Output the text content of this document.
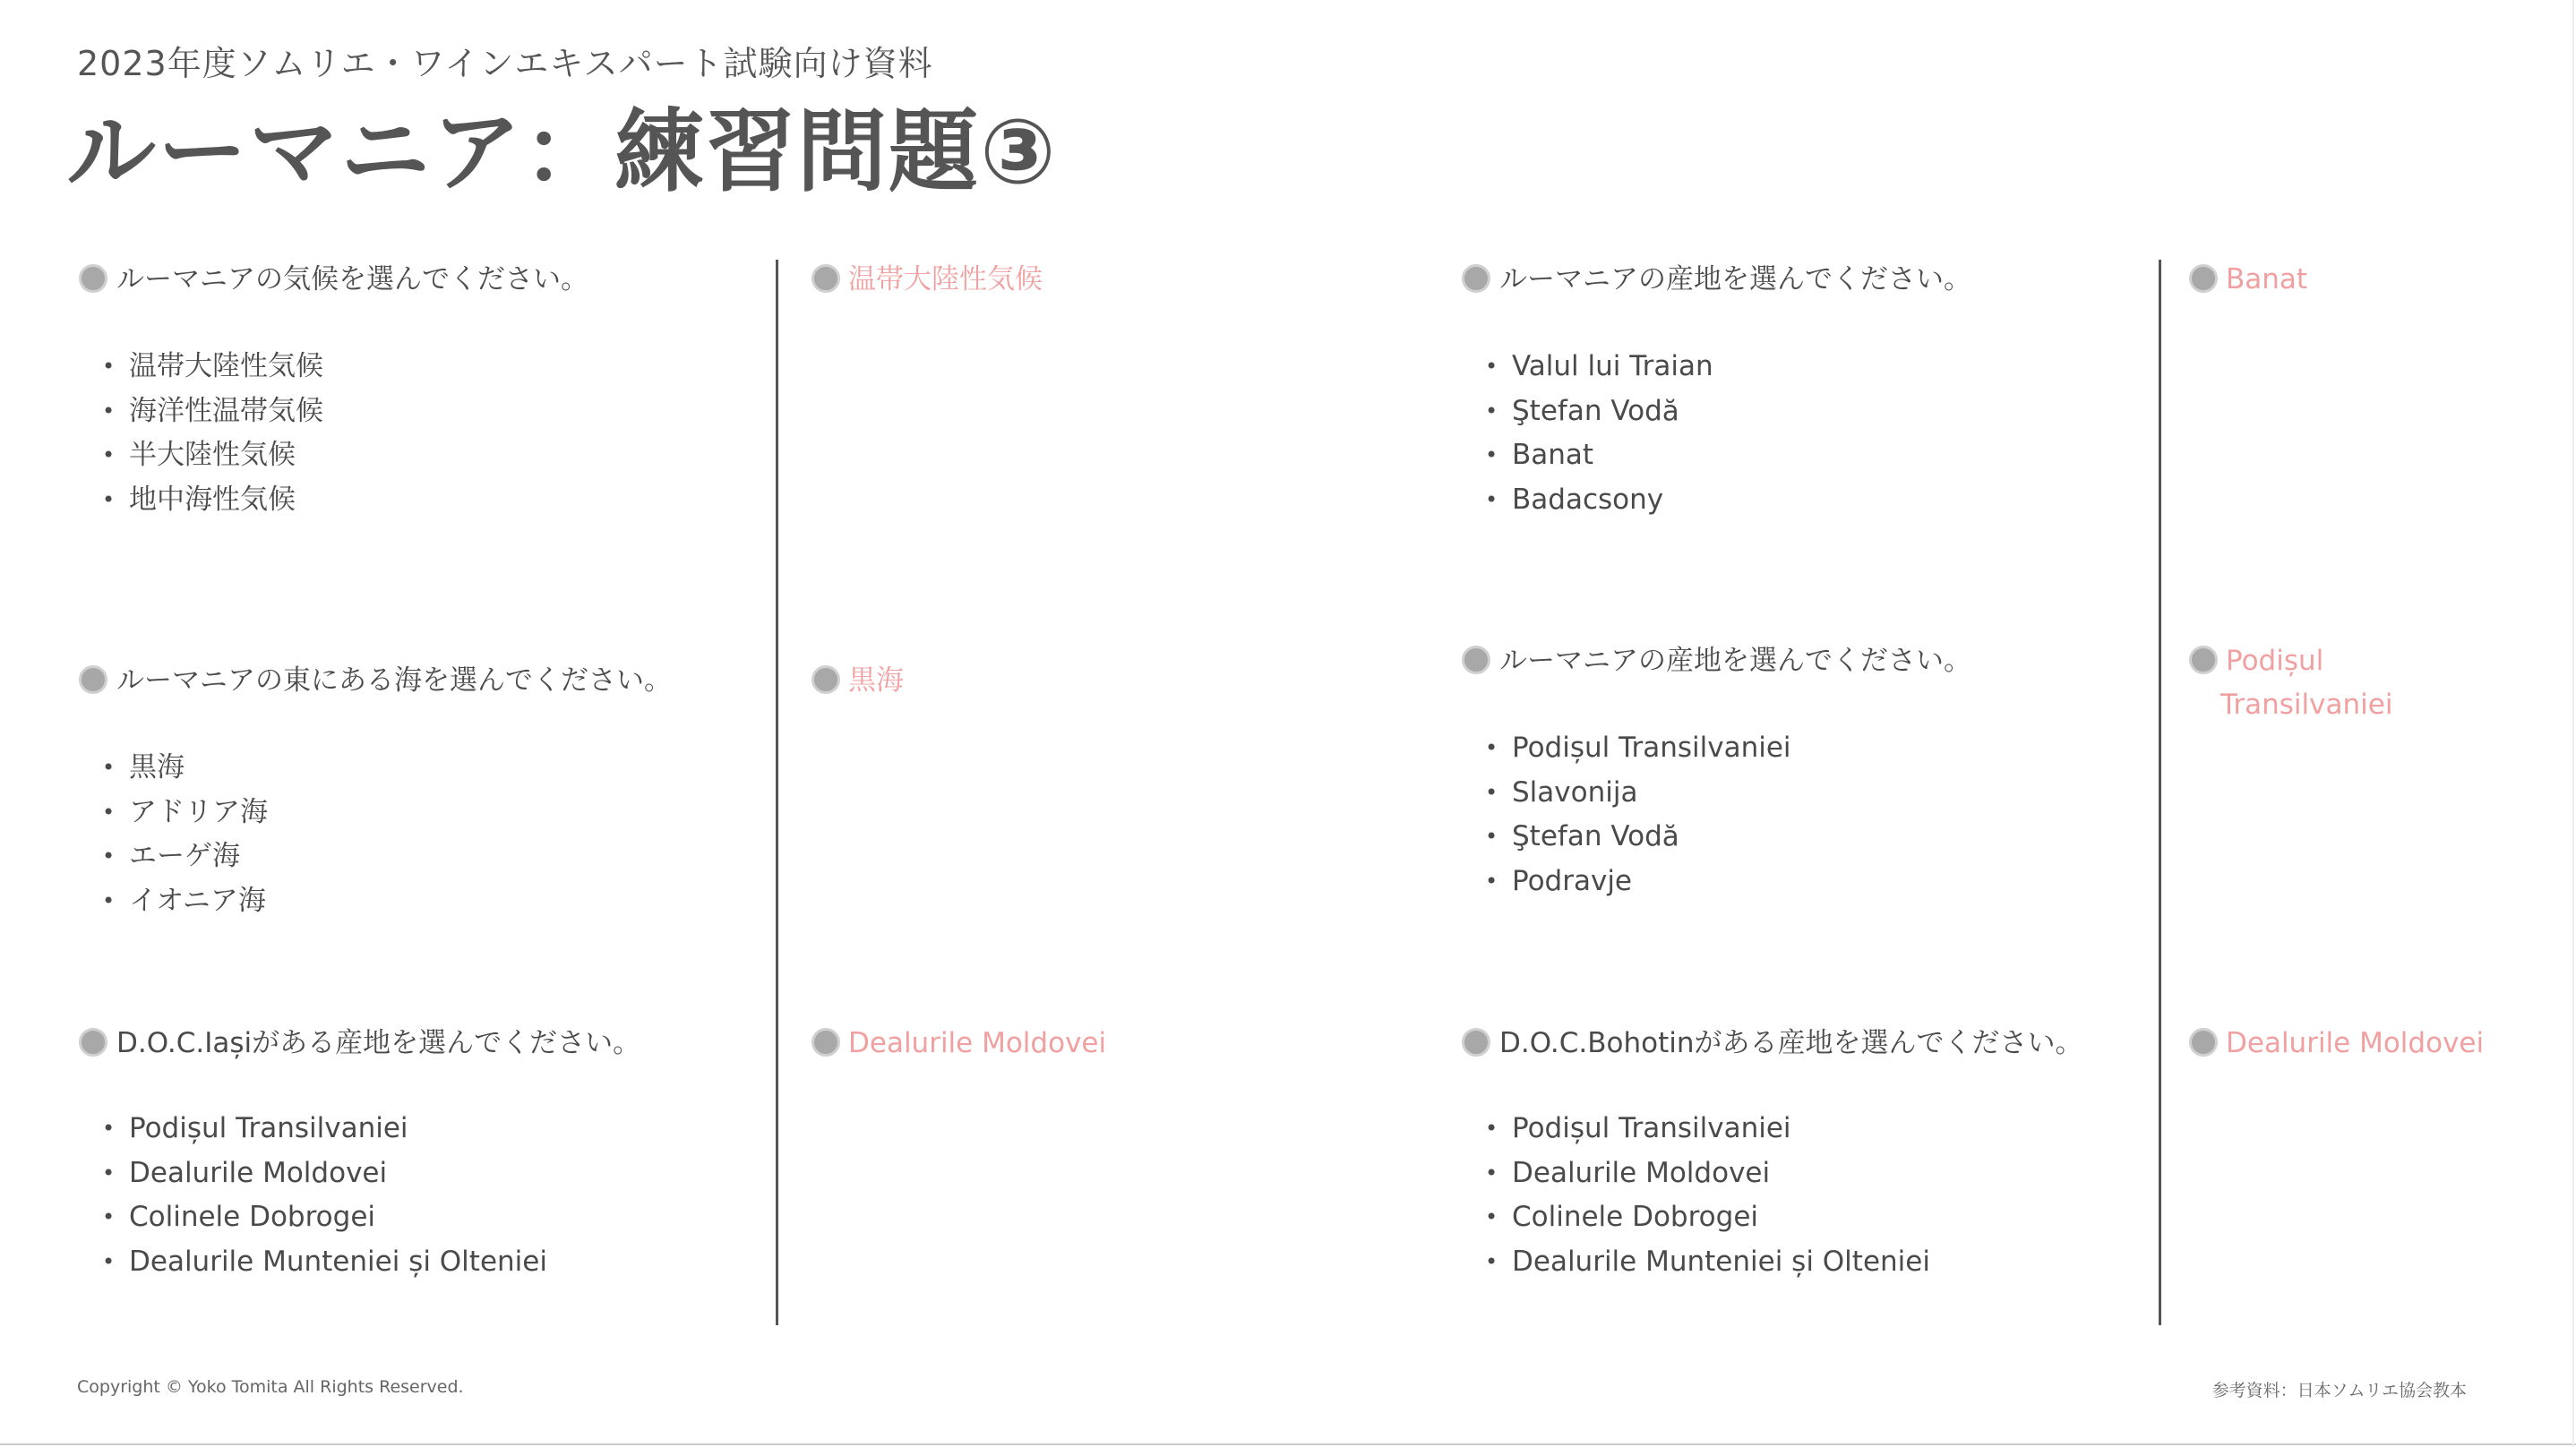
2023年度ソムリエ・ワインエキスパート試験向け資料
ルーマニア：練習問題③
ルーマニアの気候を選んでください。
• 温帯大陸性気候
• 海洋性温帯気候
• 半大陸性気候
• 地中海性気候
温帯大陸性気候
ルーマニアの東にある海を選んでください。
• 黒海
• アドリア海
• エーゲ海
• イオニア海
黒海
D.O.C.Iașiがある産地を選んでください。
• Podișul Transilvaniei
• Dealurile Moldovei
• Colinele Dobrogei
• Dealurile Munteniei și Olteniei
Dealurile Moldovei
ルーマニアの産地を選んでください。
• Valul lui Traian
• Ştefan Vodă
• Banat
• Badacsony
Banat
ルーマニアの産地を選んでください。
• Podișul Transilvaniei
• Slavonija
• Ştefan Vodă
• Podravje
Podișul
Transilvaniei
D.O.C.Bohotinがある産地を選んでください。
• Podișul Transilvaniei
• Dealurile Moldovei
• Colinele Dobrogei
• Dealurile Munteniei și Olteniei
Dealurile Moldovei
Copyright © Yoko Tomita All Rights Reserved.	参考資料：日本ソムリエ協会教本
